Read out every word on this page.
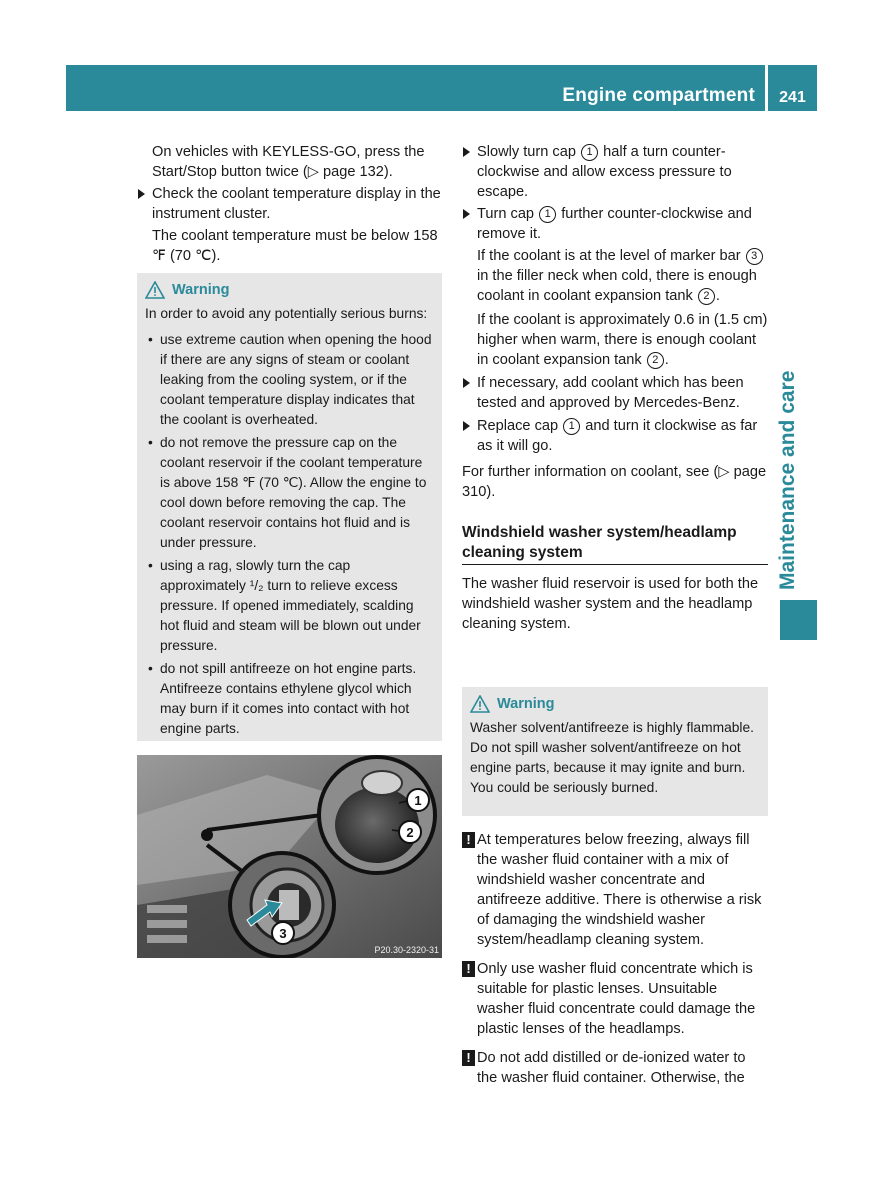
Engine compartment	241
Maintenance and care
On vehicles with KEYLESS-GO, press the Start/Stop button twice (▷ page 132).
Check the coolant temperature display in the instrument cluster.
The coolant temperature must be below 158 ℉ (70 ℃).
Warning
In order to avoid any potentially serious burns:
• use extreme caution when opening the hood if there are any signs of steam or coolant leaking from the cooling system, or if the coolant temperature display indicates that the coolant is overheated.
• do not remove the pressure cap on the coolant reservoir if the coolant temperature is above 158 ℉ (70 ℃). Allow the engine to cool down before removing the cap. The coolant reservoir contains hot fluid and is under pressure.
• using a rag, slowly turn the cap approximately ¹/₂ turn to relieve excess pressure. If opened immediately, scalding hot fluid and steam will be blown out under pressure.
• do not spill antifreeze on hot engine parts. Antifreeze contains ethylene glycol which may burn if it comes into contact with hot engine parts.
1
2
3
P20.30-2320-31
Slowly turn cap 1 half a turn counter-clockwise and allow excess pressure to escape.
Turn cap 1 further counter-clockwise and remove it.
If the coolant is at the level of marker bar 3 in the filler neck when cold, there is enough coolant in coolant expansion tank 2 .
If the coolant is approximately 0.6 in (1.5 cm) higher when warm, there is enough coolant in coolant expansion tank 2 .
If necessary, add coolant which has been tested and approved by Mercedes-Benz.
Replace cap 1 and turn it clockwise as far as it will go.
For further information on coolant, see (▷ page 310).
Windshield washer system/headlamp cleaning system
The washer fluid reservoir is used for both the windshield washer system and the headlamp cleaning system.
Warning
Washer solvent/antifreeze is highly flammable. Do not spill washer solvent/antifreeze on hot engine parts, because it may ignite and burn. You could be seriously burned.
! At temperatures below freezing, always fill the washer fluid container with a mix of windshield washer concentrate and antifreeze additive. There is otherwise a risk of damaging the windshield washer system/headlamp cleaning system.
! Only use washer fluid concentrate which is suitable for plastic lenses. Unsuitable washer fluid concentrate could damage the plastic lenses of the headlamps.
! Do not add distilled or de-ionized water to the washer fluid container. Otherwise, the
